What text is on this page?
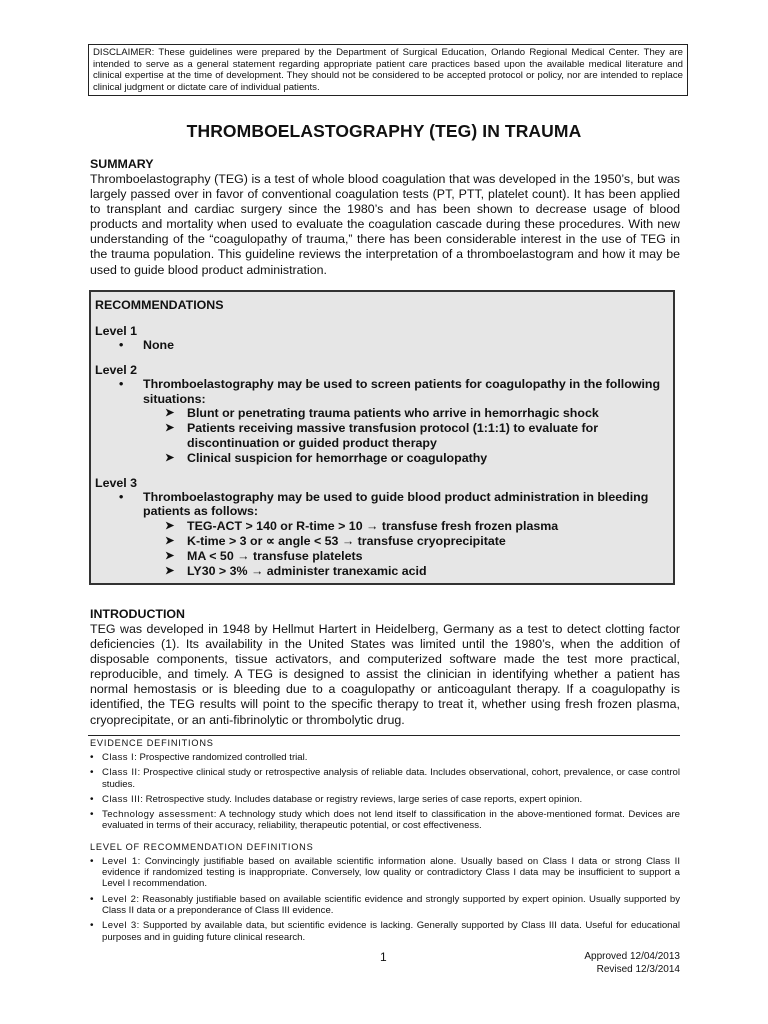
DISCLAIMER: These guidelines were prepared by the Department of Surgical Education, Orlando Regional Medical Center. They are intended to serve as a general statement regarding appropriate patient care practices based upon the available medical literature and clinical expertise at the time of development. They should not be considered to be accepted protocol or policy, nor are intended to replace clinical judgment or dictate care of individual patients.
THROMBOELASTOGRAPHY (TEG) IN TRAUMA
SUMMARY

Thromboelastography (TEG) is a test of whole blood coagulation that was developed in the 1950’s, but was largely passed over in favor of conventional coagulation tests (PT, PTT, platelet count). It has been applied to transplant and cardiac surgery since the 1980’s and has been shown to decrease usage of blood products and mortality when used to evaluate the coagulation cascade during these procedures. With new understanding of the “coagulopathy of trauma,” there has been considerable interest in the use of TEG in the trauma population. This guideline reviews the interpretation of a thromboelastogram and how it may be used to guide blood product administration.

RECOMMENDATIONS
Level 1
•	None
Level 2
•	Thromboelastography may be used to screen patients for coagulopathy in the following situations:
➤	Blunt or penetrating trauma patients who arrive in hemorrhagic shock
➤	Patients receiving massive transfusion protocol (1:1:1) to evaluate for discontinuation or guided product therapy
➤	Clinical suspicion for hemorrhage or coagulopathy
Level 3
•	Thromboelastography may be used to guide blood product administration in bleeding patients as follows:
➤	TEG-ACT > 140 or R-time > 10 → transfuse fresh frozen plasma
➤	K-time > 3 or ∝ angle < 53 → transfuse cryoprecipitate
➤	MA < 50 → transfuse platelets
➤	LY30 > 3% → administer tranexamic acid
INTRODUCTION

TEG was developed in 1948 by Hellmut Hartert in Heidelberg, Germany as a test to detect clotting factor deficiencies (1). Its availability in the United States was limited until the 1980’s, when the addition of disposable components, tissue activators, and computerized software made the test more practical, reproducible, and timely. A TEG is designed to assist the clinician in identifying whether a patient has normal hemostasis or is bleeding due to a coagulopathy or anticoagulant therapy. If a coagulopathy is identified, the TEG results will point to the specific therapy to treat it, whether using fresh frozen plasma, cryoprecipitate, or an anti-fibrinolytic or thrombolytic drug.

EVIDENCE DEFINITIONS
• Class I: Prospective randomized controlled trial.
• Class II: Prospective clinical study or retrospective analysis of reliable data. Includes observational, cohort, prevalence, or case control studies.
• Class III: Retrospective study. Includes database or registry reviews, large series of case reports, expert opinion.
• Technology assessment: A technology study which does not lend itself to classification in the above-mentioned format. Devices are evaluated in terms of their accuracy, reliability, therapeutic potential, or cost effectiveness.
LEVEL OF RECOMMENDATION DEFINITIONS
• Level 1: Convincingly justifiable based on available scientific information alone. Usually based on Class I data or strong Class II evidence if randomized testing is inappropriate. Conversely, low quality or contradictory Class I data may be insufficient to support a Level I recommendation.
• Level 2: Reasonably justifiable based on available scientific evidence and strongly supported by expert opinion. Usually supported by Class II data or a preponderance of Class III evidence.
• Level 3: Supported by available data, but scientific evidence is lacking. Generally supported by Class III data. Useful for educational purposes and in guiding future clinical research.
1	Approved 12/04/2013
Revised 12/3/2014
